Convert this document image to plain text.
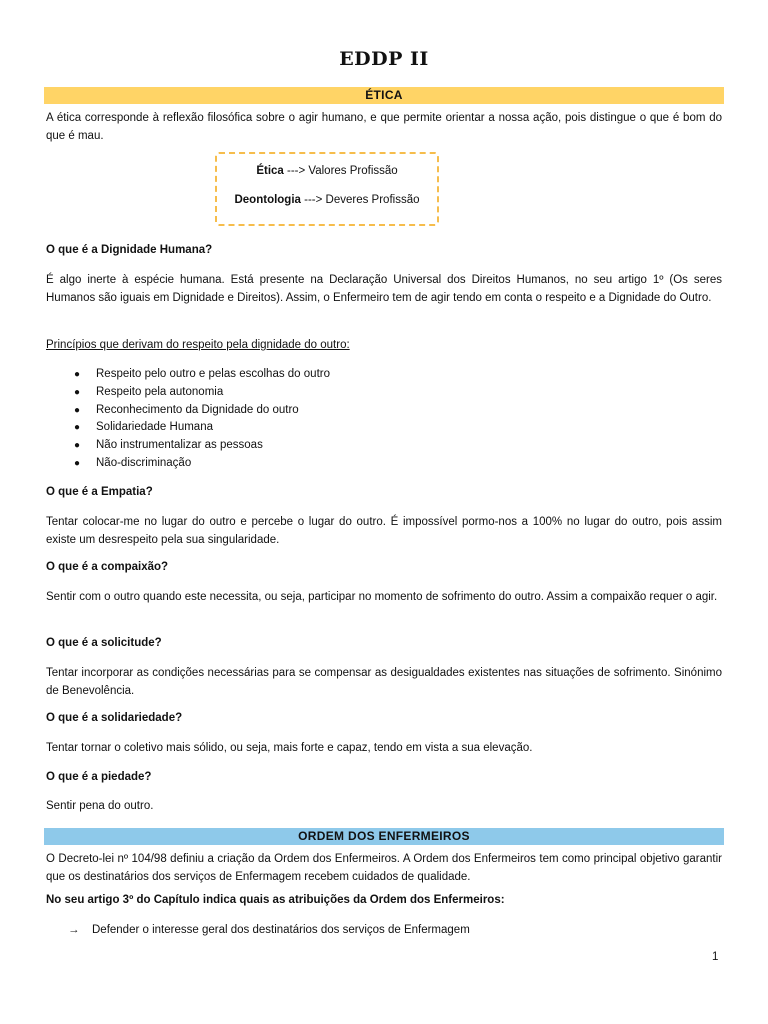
EDDP II
ÉTICA
A ética corresponde à reflexão filosófica sobre o agir humano, e que permite orientar a nossa ação, pois distingue o que é bom do que é mau.
Ética ---> Valores Profissão
Deontologia ---> Deveres Profissão
O que é a Dignidade Humana?
É algo inerte à espécie humana. Está presente na Declaração Universal dos Direitos Humanos, no seu artigo 1º (Os seres Humanos são iguais em Dignidade e Direitos). Assim, o Enfermeiro tem de agir tendo em conta o respeito e a Dignidade do Outro.
Princípios que derivam do respeito pela dignidade do outro:
● Respeito pelo outro e pelas escolhas do outro
● Respeito pela autonomia
● Reconhecimento da Dignidade do outro
● Solidariedade Humana
● Não instrumentalizar as pessoas
● Não-discriminação
O que é a Empatia?
Tentar colocar-me no lugar do outro e percebe o lugar do outro. É impossível pormo-nos a 100% no lugar do outro, pois assim existe um desrespeito pela sua singularidade.
O que é a compaixão?
Sentir com o outro quando este necessita, ou seja, participar no momento de sofrimento do outro. Assim a compaixão requer o agir.
O que é a solicitude?
Tentar incorporar as condições necessárias para se compensar as desigualdades existentes nas situações de sofrimento. Sinónimo de Benevolência.
O que é a solidariedade?
Tentar tornar o coletivo mais sólido, ou seja, mais forte e capaz, tendo em vista a sua elevação.
O que é a piedade?
Sentir pena do outro.
ORDEM DOS ENFERMEIROS
O Decreto-lei nº 104/98 definiu a criação da Ordem dos Enfermeiros. A Ordem dos Enfermeiros tem como principal objetivo garantir que os destinatários dos serviços de Enfermagem recebem cuidados de qualidade.
No seu artigo 3º do Capítulo indica quais as atribuições da Ordem dos Enfermeiros:
→ Defender o interesse geral dos destinatários dos serviços de Enfermagem
1
